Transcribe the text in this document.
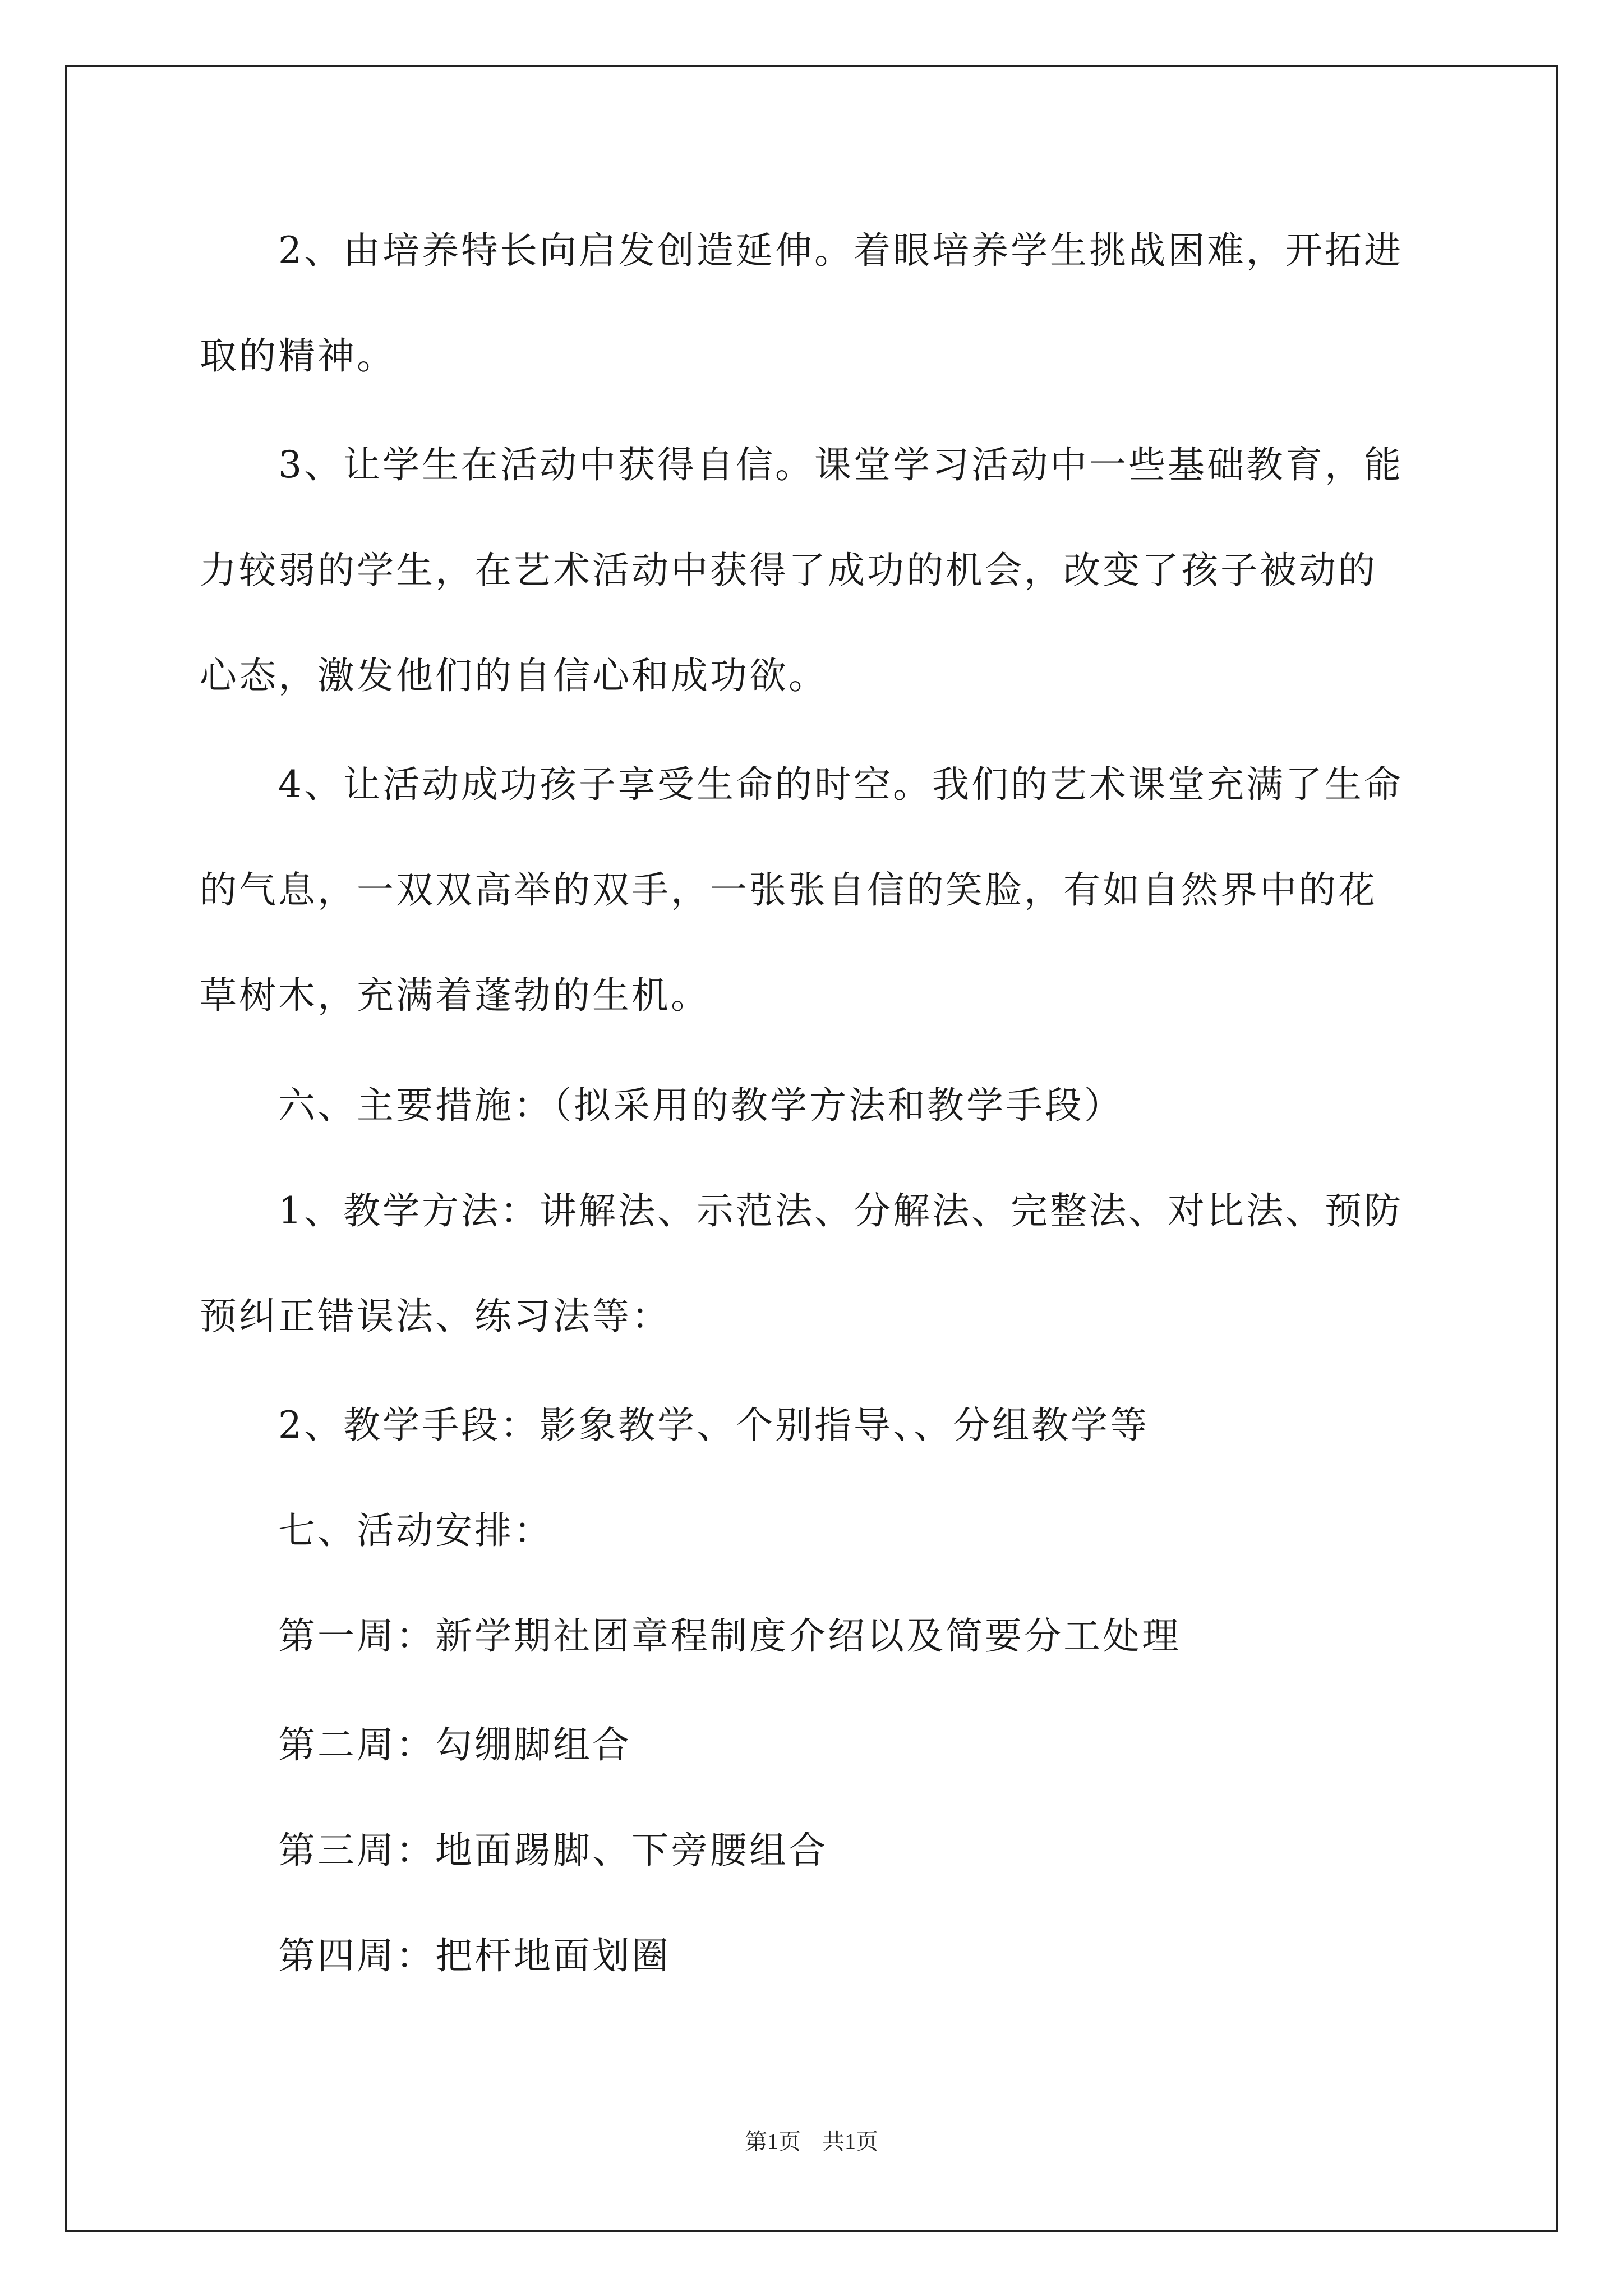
2、由培养特长向启发创造延伸。着眼培养学生挑战困难，开拓进
取的精神。
3、让学生在活动中获得自信。课堂学习活动中一些基础教育，能
力较弱的学生，在艺术活动中获得了成功的机会，改变了孩子被动的
心态，激发他们的自信心和成功欲。
4、让活动成功孩子享受生命的时空。我们的艺术课堂充满了生命
的气息，一双双高举的双手，一张张自信的笑脸，有如自然界中的花
草树木，充满着蓬勃的生机。
六、主要措施：（拟采用的教学方法和教学手段）
1、教学方法：讲解法、示范法、分解法、完整法、对比法、预防
预纠正错误法、练习法等：
2、教学手段：影象教学、个别指导、、分组教学等
七、活动安排：
第一周：新学期社团章程制度介绍以及简要分工处理
第二周：勾绷脚组合
第三周：地面踢脚、下旁腰组合
第四周：把杆地面划圈
第1页 共1页
